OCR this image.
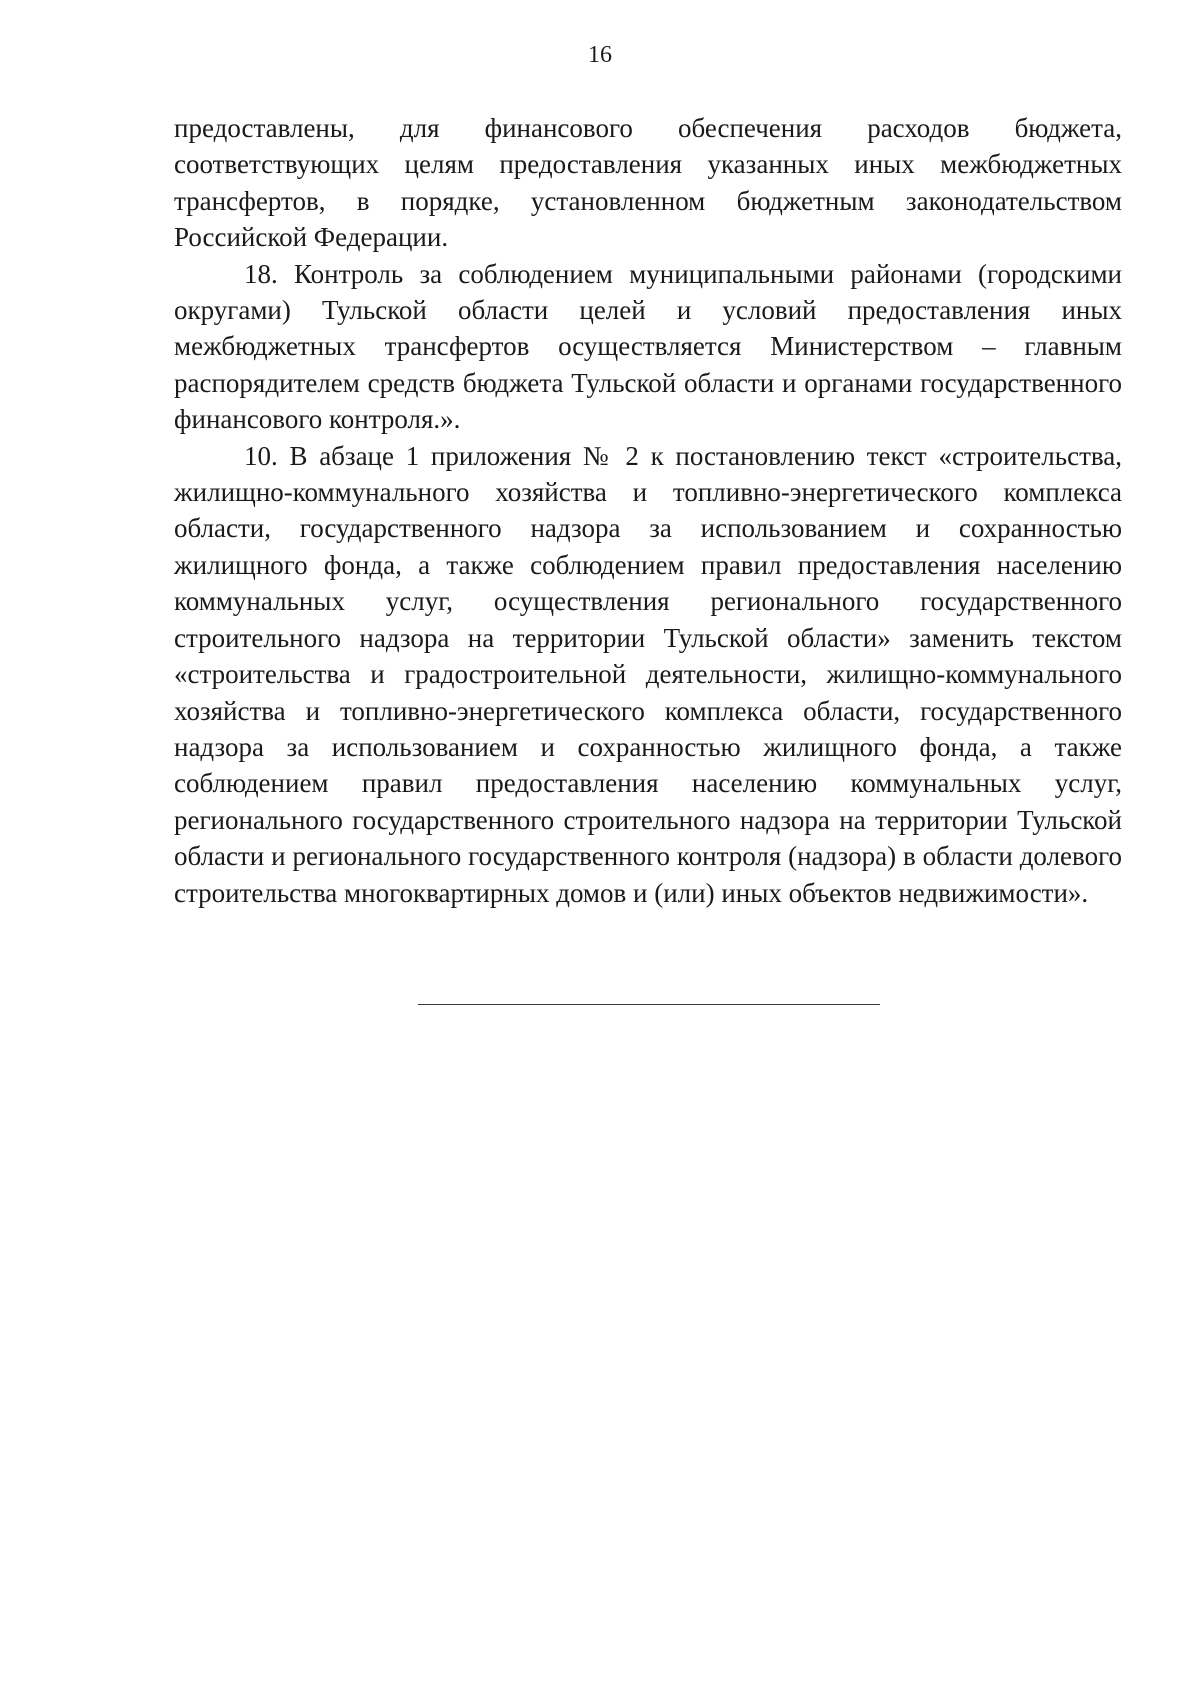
16

предоставлены, для финансового обеспечения расходов бюджета, соответствующих целям предоставления указанных иных межбюджетных трансфертов, в порядке, установленном бюджетным законодательством Российской Федерации.

18. Контроль за соблюдением муниципальными районами (городскими округами) Тульской области целей и условий предоставления иных межбюджетных трансфертов осуществляется Министерством – главным распорядителем средств бюджета Тульской области и органами государственного финансового контроля.».

10. В абзаце 1 приложения № 2 к постановлению текст «строительства, жилищно-коммунального хозяйства и топливно-энергетического комплекса области, государственного надзора за использованием и сохранностью жилищного фонда, а также соблюдением правил предоставления населению коммунальных услуг, осуществления регионального государственного строительного надзора на территории Тульской области» заменить текстом «строительства и градостроительной деятельности, жилищно-коммунального хозяйства и топливно-энергетического комплекса области, государственного надзора за использованием и сохранностью жилищного фонда, а также соблюдением правил предоставления населению коммунальных услуг, регионального государственного строительного надзора на территории Тульской области и регионального государственного контроля (надзора) в области долевого строительства многоквартирных домов и (или) иных объектов недвижимости».
